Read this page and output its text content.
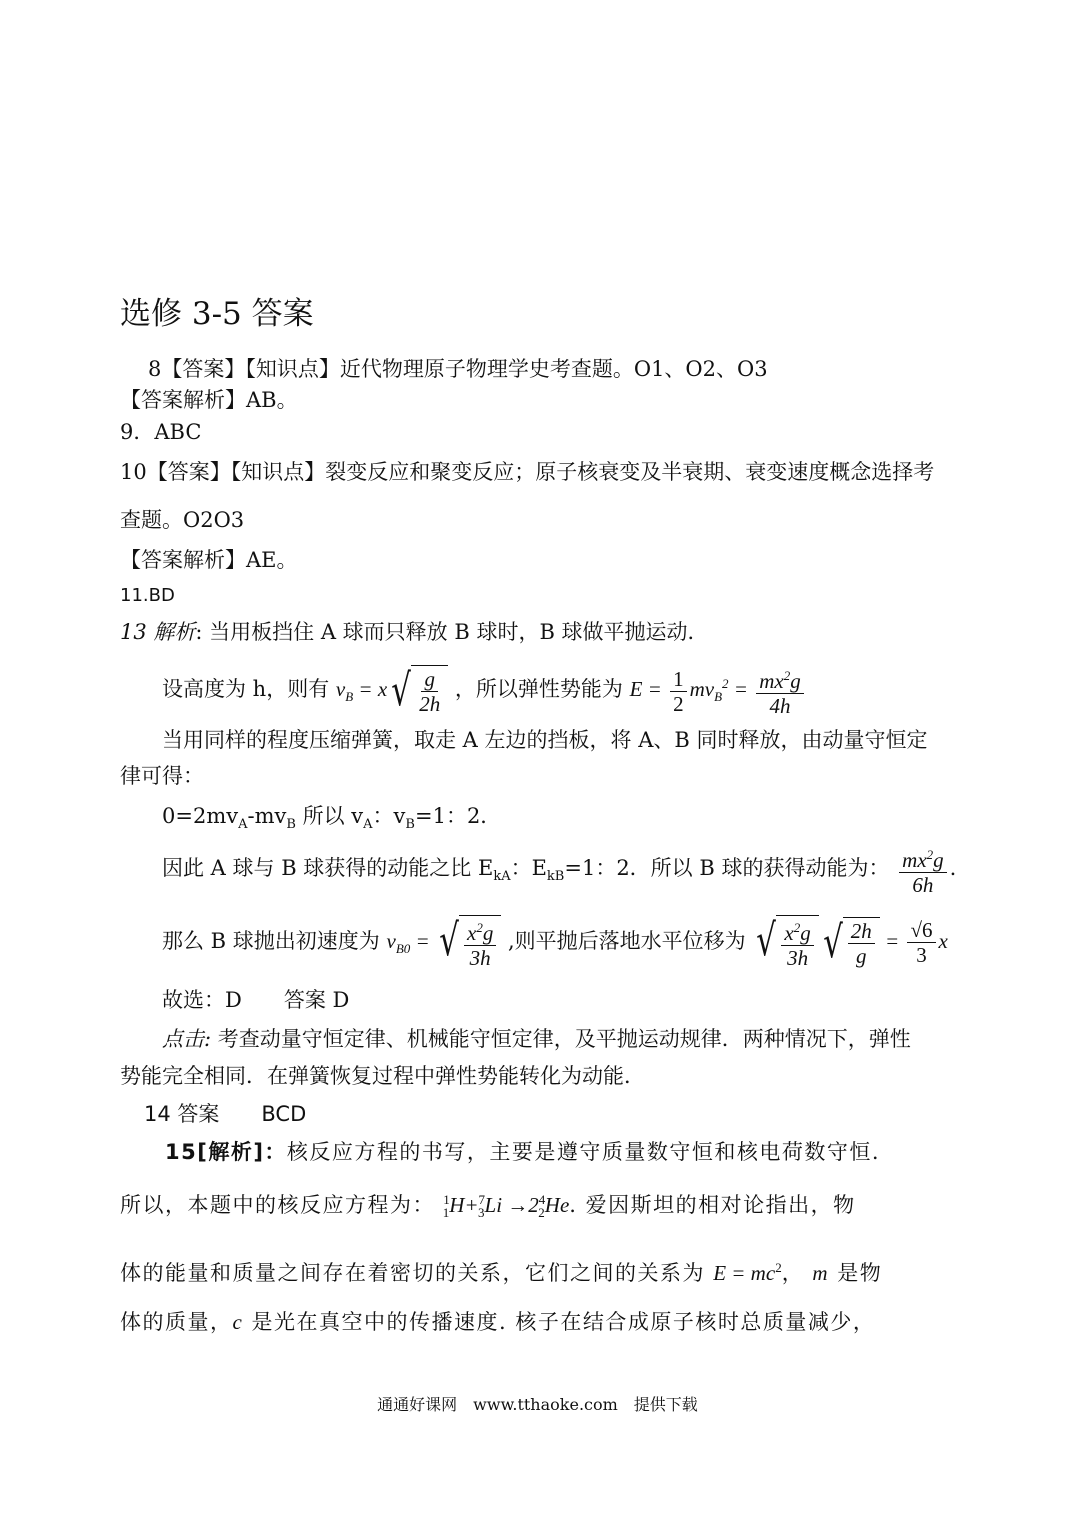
选修 3-5 答案
8【答案】【知识点】近代物理原子物理学史考查题。O1、O2、O3
【答案解析】AB。
9．ABC
10【答案】【知识点】裂变反应和聚变反应；原子核衰变及半衰期、衰变速度概念选择考
查题。O2O3
【答案解析】AE。
11.BD
13 解析: 当用板挡住 A 球而只释放 B 球时，B 球做平抛运动．
设高度为 h，则有 $v_B = x$ √ $\frac{g}{2h}$ ，所以弹性势能为 $E = \frac{1}{2} mv_B^2 = \frac{mx^2g}{4h}$
当用同样的程度压缩弹簧，取走 A 左边的挡板，将 A、B 同时释放，由动量守恒定
律可得：
$0=2mv_A-mv_B$ 所以 $v_A$：$v_B=1$：2．
因此 A 球与 B 球获得的动能之比 $E_{kA}$：$E_{kB}=1$：2．所以 B 球的获得动能为： $\frac{mx^2g}{6h}$ .
那么 B 球抛出初速度为 $v_{B0}$ = √ $\frac{x^2g}{3h}$ ,则平抛后落地水平位移为 √ $\frac{x^2g}{3h}$ √ $\frac{2h}{g} = \frac{√6}{3}$ x
故选：D　　答案 D
点击: 考查动量守恒定律、机械能守恒定律，及平抛运动规律．两种情况下，弹性
势能完全相同．在弹簧恢复过程中弹性势能转化为动能．
14 答案　　BCD
15[解析]：核反应方程的书写，主要是遵守质量数守恒和核电荷数守恒.
所以，本题中的核反应方程为： $^1_1H+^7_3Li \to 2^4_2He$. 爱因斯坦的相对论指出，物
体的能量和质量之间存在着密切的关系，它们之间的关系为 $E = mc^2$， m 是物
体的质量，c 是光在真空中的传播速度. 核子在结合成原子核时总质量减少，
通通好课网　www.tthaoke.com　提供下载
